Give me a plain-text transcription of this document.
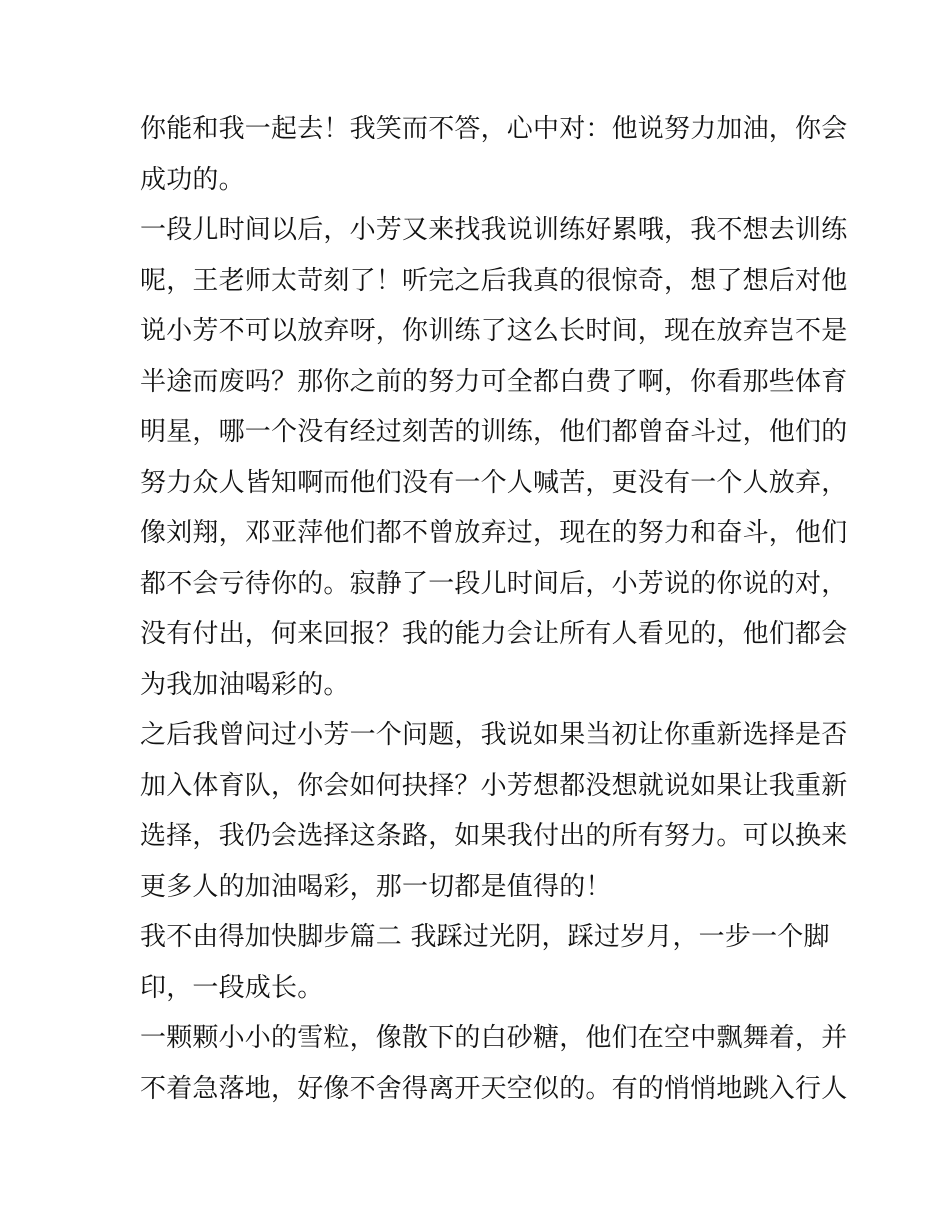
你能和我一起去！我笑而不答，心中对：他说努力加油，你会
成功的。
一段儿时间以后，小芳又来找我说训练好累哦，我不想去训练
呢，王老师太苛刻了！听完之后我真的很惊奇，想了想后对他
说小芳不可以放弃呀，你训练了这么长时间，现在放弃岂不是
半途而废吗？那你之前的努力可全都白费了啊，你看那些体育
明星，哪一个没有经过刻苦的训练，他们都曾奋斗过，他们的
努力众人皆知啊而他们没有一个人喊苦，更没有一个人放弃，
像刘翔，邓亚萍他们都不曾放弃过，现在的努力和奋斗，他们
都不会亏待你的。寂静了一段儿时间后，小芳说的你说的对，
没有付出，何来回报？我的能力会让所有人看见的，他们都会
为我加油喝彩的。
之后我曾问过小芳一个问题，我说如果当初让你重新选择是否
加入体育队，你会如何抉择？小芳想都没想就说如果让我重新
选择，我仍会选择这条路，如果我付出的所有努力。可以换来
更多人的加油喝彩，那一切都是值得的！
我不由得加快脚步篇二 我踩过光阴，踩过岁月，一步一个脚
印，一段成长。
一颗颗小小的雪粒，像散下的白砂糖，他们在空中飘舞着，并
不着急落地，好像不舍得离开天空似的。有的悄悄地跳入行人
